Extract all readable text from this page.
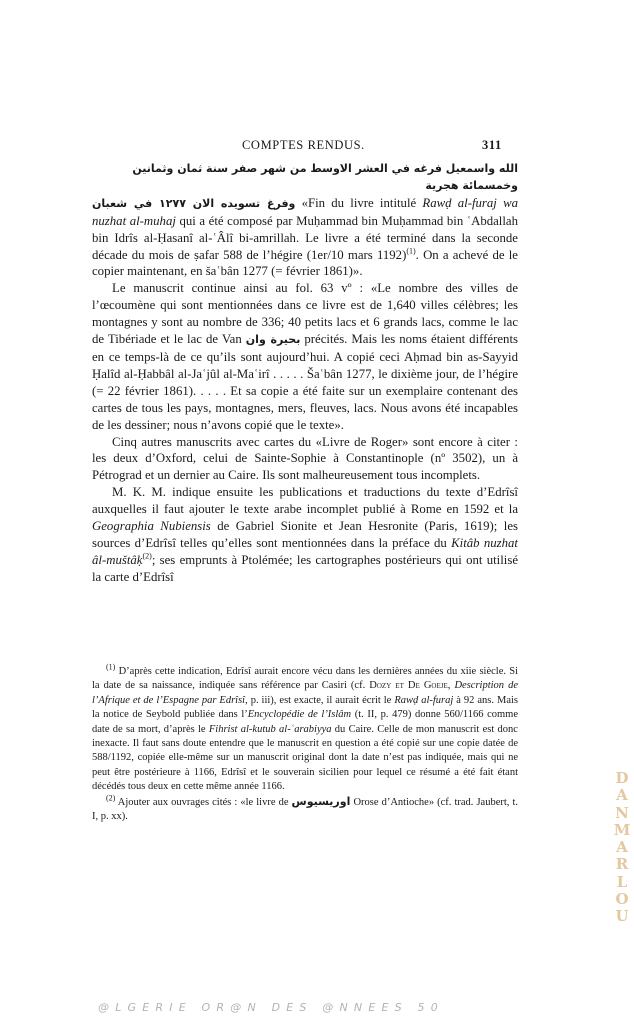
COMPTES RENDUS.	311

الله واسمعيل فرغه في العشر الاوسط من شهر صفر سنة ثمان وثمانين وخمسمائة هجرية
وفرغ تسويده الان ١٢٧٧ في شعبان «Fin du livre intitulé Rawḍ al-furaj wa nuzhat al-muhaj qui a été composé par Muḥammad bin Muḥammad bin ʿAbdallah bin Idrîs al-Ḥasanî al-ʿÂlî bi-amrillah. Le livre a été terminé dans la seconde décade du mois de ṣafar 588 de l’hégire (1er/10 mars 1192)$^{(1)}$. On a achevé de le copier maintenant, en šaʿbân 1277 (= février 1861)».

Le manuscrit continue ainsi au fol. 63 vº : «Le nombre des villes de l’œcoumène qui sont mentionnées dans ce livre est de 1,640 villes célèbres; les montagnes y sont au nombre de 336; 40 petits lacs et 6 grands lacs, comme le lac de Tibériade et le lac de Van بحيرة وان précités. Mais les noms étaient différents en ce temps-là de ce qu’ils sont aujourd’hui. A copié ceci Aḥmad bin as-Sayyid Ḥalîd al-Ḥabbâl al-Jaʿjûl al-Maʿirî . . . . . Šaʿbân 1277, le dixième jour, de l’hégire (= 22 février 1861). . . . . Et sa copie a été faite sur un exemplaire contenant des cartes de tous les pays, montagnes, mers, fleuves, lacs. Nous avons été incapables de les dessiner; nous n’avons copié que le texte».

Cinq autres manuscrits avec cartes du «Livre de Roger» sont encore à citer : les deux d’Oxford, celui de Sainte-Sophie à Constantinople (nº 3502), un à Pétrograd et un dernier au Caire. Ils sont malheureusement tous incomplets.

M. K. M. indique ensuite les publications et traductions du texte d’Edrîsî auxquelles il faut ajouter le texte arabe incomplet publié à Rome en 1592 et la Geographia Nubiensis de Gabriel Sionite et Jean Hesronite (Paris, 1619); les sources d’Edrîsî telles qu’elles sont mentionnées dans la préface du Kitâb nuzhat âl-muštâḳ$^{(2)}$; ses emprunts à Ptolémée; les cartographes postérieurs qui ont utilisé la carte d’Edrîsî

$^{(1)}$ D’après cette indication, Edrîsî aurait encore vécu dans les dernières années du xiie siècle. Si la date de sa naissance, indiquée sans référence par Casiri (cf. Dozy et De Goeje, Description de l’Afrique et de l’Espagne par Edrîsî, p. iii), est exacte, il aurait écrit le Rawḍ al-furaj à 92 ans. Mais la notice de Seybold publiée dans l’Encyclopédie de l’Islâm (t. II, p. 479) donne 560/1166 comme date de sa mort, d’après le Fihrist al-kutub al-ʿarabiyya du Caire. Celle de mon manuscrit est donc inexacte. Il faut sans doute entendre que le manuscrit en question a été copié sur une copie datée de 588/1192, copiée elle-même sur un manuscrit original dont la date n’est pas indiquée, mais qui ne peut être postérieure à 1166, Edrîsî et le souverain sicilien pour lequel ce résumé a été fait étant décédés tous deux en cette même année 1166.

$^{(2)}$ Ajouter aux ouvrages cités : «le livre de اوريسيوس Orose d’Antioche» (cf. trad. Jaubert, t. I, p. xx).

D
A
N
M
A
R
L
O
U
@LGERIE OR@N DES @NNEES 50
